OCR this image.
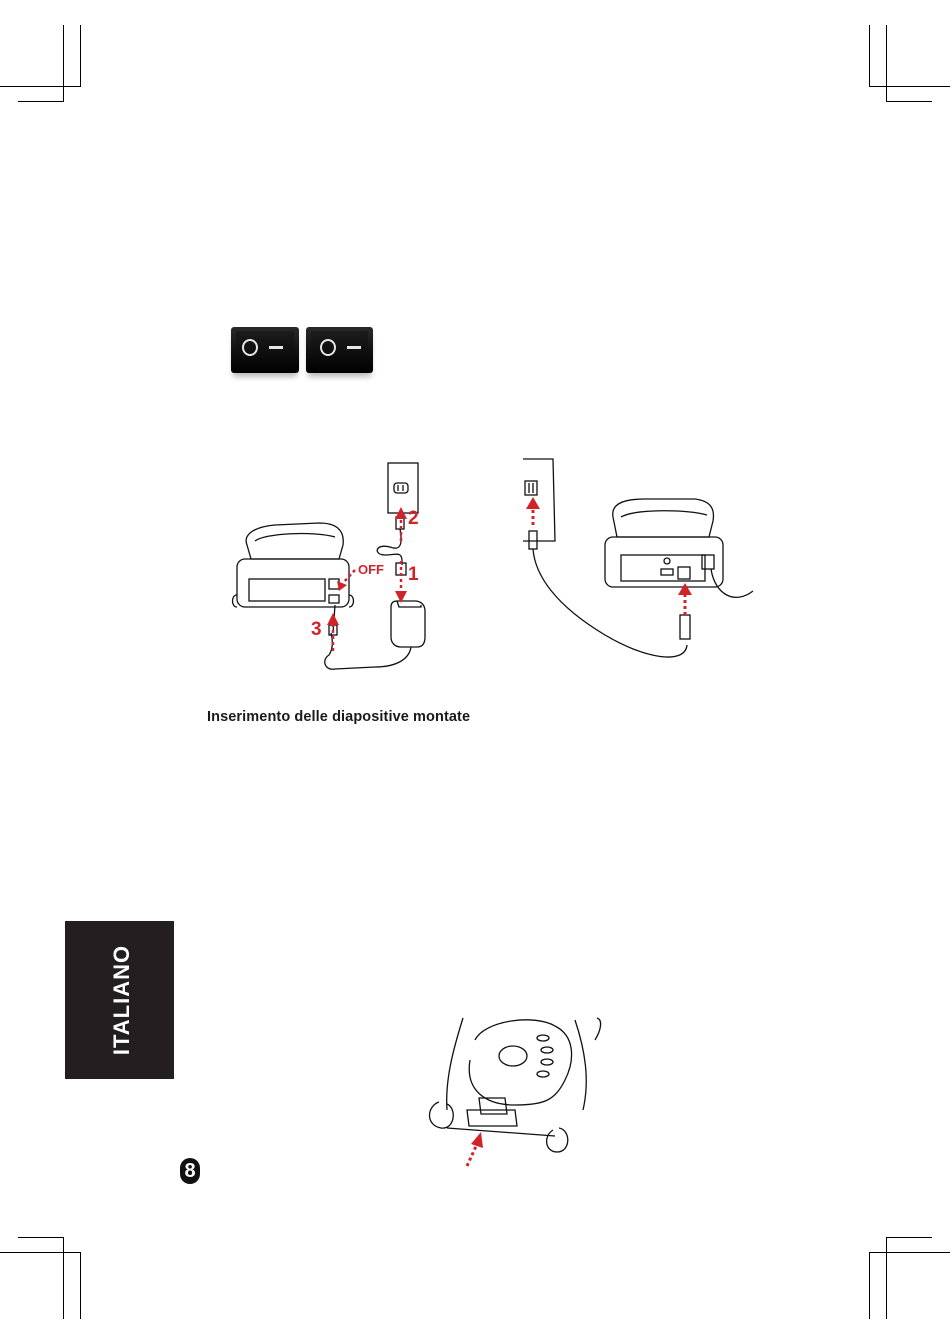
OFF 1
2
3
Inserimento delle diapositive montate
ITALIANO
8
